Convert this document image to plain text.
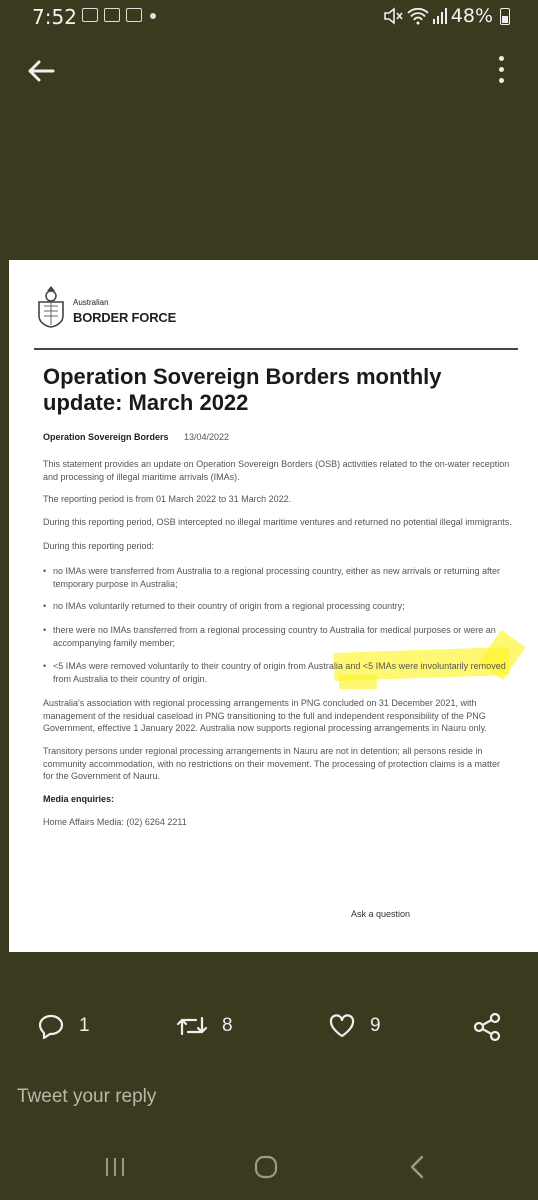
7:52	48%
Australian
BORDER FORCE
Operation Sovereign Borders monthly update: March 2022
Operation Sovereign Borders 13/04/2022

This statement provides an update on Operation Sovereign Borders (OSB) activities related to the on-water reception and processing of illegal maritime arrivals (IMAs).

The reporting period is from 01 March 2022 to 31 March 2022.

During this reporting period, OSB intercepted no illegal maritime ventures and returned no potential illegal immigrants.

During this reporting period:

• no IMAs were transferred from Australia to a regional processing country, either as new arrivals or returning after temporary purpose in Australia;

• no IMAs voluntarily returned to their country of origin from a regional processing country;

• there were no IMAs transferred from a regional processing country to Australia for medical purposes or were an accompanying family member;

• <5 IMAs were removed voluntarily to their country of origin from Australia and <5 IMAs were involuntarily removed from Australia to their country of origin.

Australia's association with regional processing arrangements in PNG concluded on 31 December 2021, with management of the residual caseload in PNG transitioning to the full and independent responsibility of the PNG Government, effective 1 January 2022. Australia now supports regional processing arrangements in Nauru only.

Transitory persons under regional processing arrangements in Nauru are not in detention; all persons reside in community accommodation, with no restrictions on their movement. The processing of protection claims is a matter for the Government of Nauru.

Media enquiries:

Home Affairs Media: (02) 6264 2211

Ask a question
1	8	9
Tweet your reply
